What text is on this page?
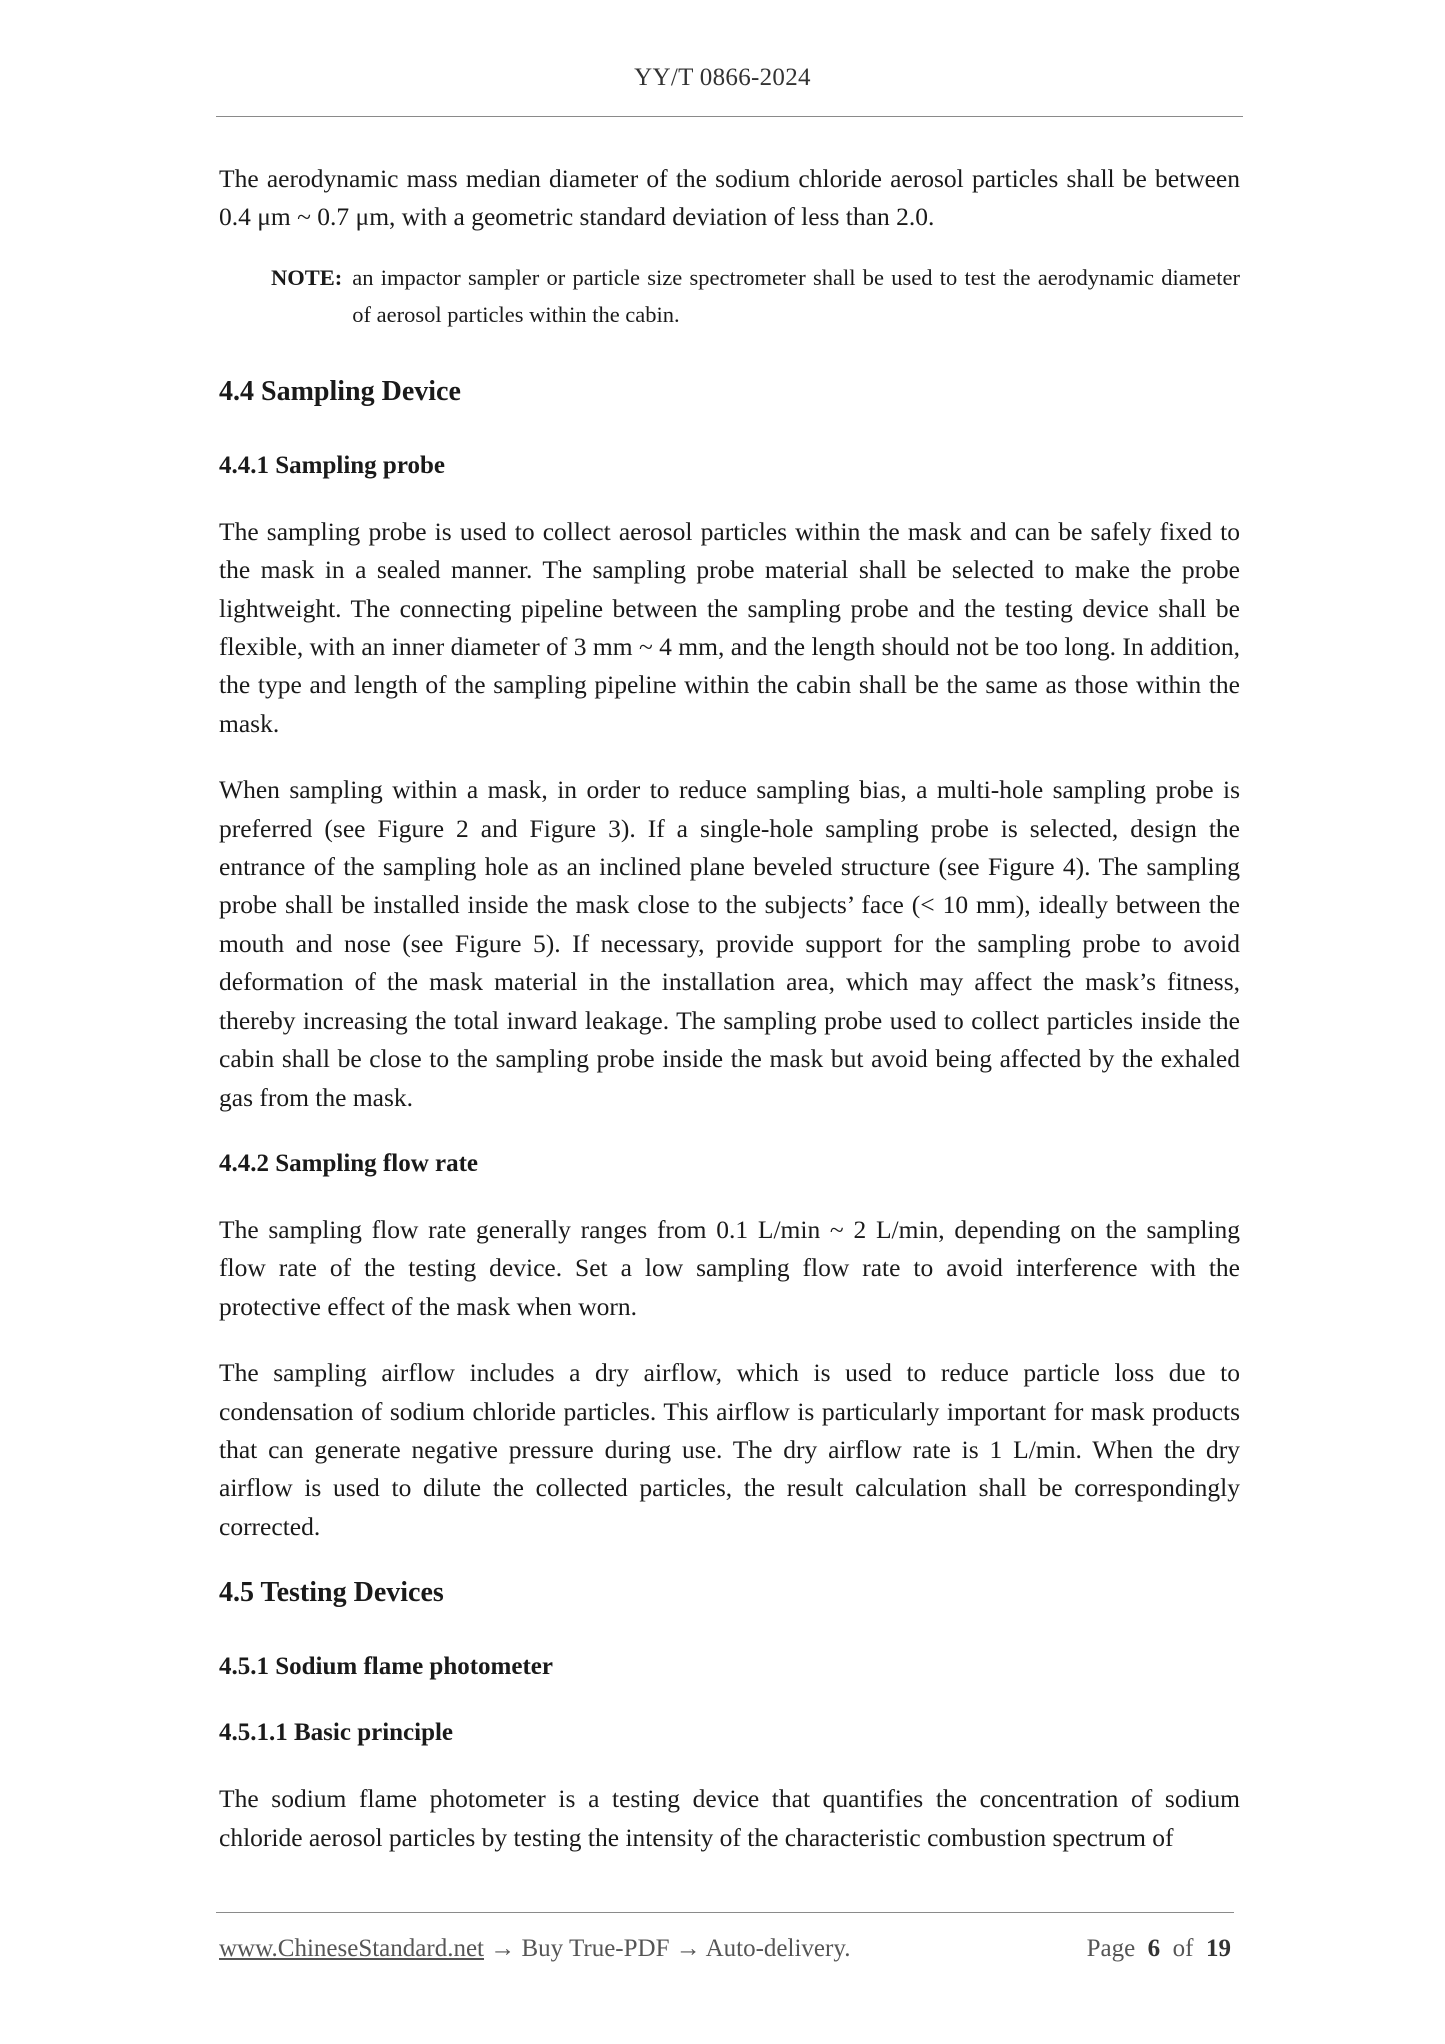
YY/T 0866-2024

The aerodynamic mass median diameter of the sodium chloride aerosol particles shall be between 0.4 μm ~ 0.7 μm, with a geometric standard deviation of less than 2.0.

NOTE: an impactor sampler or particle size spectrometer shall be used to test the aerodynamic diameter of aerosol particles within the cabin.
4.4 Sampling Device
4.4.1 Sampling probe

The sampling probe is used to collect aerosol particles within the mask and can be safely fixed to the mask in a sealed manner. The sampling probe material shall be selected to make the probe lightweight. The connecting pipeline between the sampling probe and the testing device shall be flexible, with an inner diameter of 3 mm ~ 4 mm, and the length should not be too long. In addition, the type and length of the sampling pipeline within the cabin shall be the same as those within the mask.

When sampling within a mask, in order to reduce sampling bias, a multi-hole sampling probe is preferred (see Figure 2 and Figure 3). If a single-hole sampling probe is selected, design the entrance of the sampling hole as an inclined plane beveled structure (see Figure 4). The sampling probe shall be installed inside the mask close to the subjects’ face (< 10 mm), ideally between the mouth and nose (see Figure 5). If necessary, provide support for the sampling probe to avoid deformation of the mask material in the installation area, which may affect the mask’s fitness, thereby increasing the total inward leakage. The sampling probe used to collect particles inside the cabin shall be close to the sampling probe inside the mask but avoid being affected by the exhaled gas from the mask.

4.4.2 Sampling flow rate

The sampling flow rate generally ranges from 0.1 L/min ~ 2 L/min, depending on the sampling flow rate of the testing device. Set a low sampling flow rate to avoid interference with the protective effect of the mask when worn.

The sampling airflow includes a dry airflow, which is used to reduce particle loss due to condensation of sodium chloride particles. This airflow is particularly important for mask products that can generate negative pressure during use. The dry airflow rate is 1 L/min. When the dry airflow is used to dilute the collected particles, the result calculation shall be correspondingly corrected.

4.5 Testing Devices
4.5.1 Sodium flame photometer
4.5.1.1 Basic principle

The sodium flame photometer is a testing device that quantifies the concentration of sodium chloride aerosol particles by testing the intensity of the characteristic combustion spectrum of

www.ChineseStandard.net → Buy True-PDF → Auto-delivery.	Page 6 of 19
